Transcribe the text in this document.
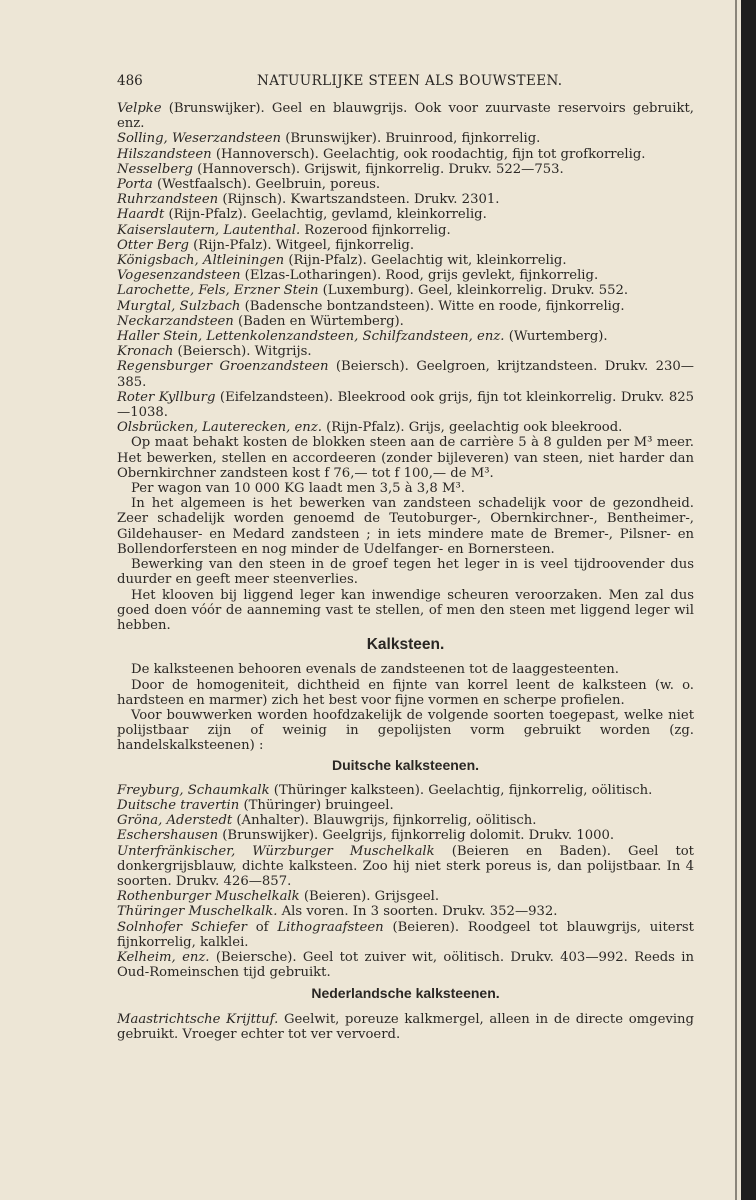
486	NATUURLIJKE STEEN ALS BOUWSTEEN.

Velpke (Brunswijker). Geel en blauwgrijs. Ook voor zuurvaste reservoirs gebruikt, enz.

Solling, Weserzandsteen (Brunswijker). Bruinrood, fijnkorrelig.

Hilszandsteen (Hannoversch). Geelachtig, ook roodachtig, fijn tot grofkorrelig.

Nesselberg (Hannoversch). Grijswit, fijnkorrelig. Drukv. 522—753.

Porta (Westfaalsch). Geelbruin, poreus.

Ruhrzandsteen (Rijnsch). Kwartszandsteen. Drukv. 2301.

Haardt (Rijn-Pfalz). Geelachtig, gevlamd, kleinkorrelig.

Kaiserslautern, Lautenthal. Rozerood fijnkorrelig.

Otter Berg (Rijn-Pfalz). Witgeel, fijnkorrelig.

Königsbach, Altleiningen (Rijn-Pfalz). Geelachtig wit, kleinkorrelig.

Vogesenzandsteen (Elzas-Lotharingen). Rood, grijs gevlekt, fijnkorrelig.

Larochette, Fels, Erzner Stein (Luxemburg). Geel, kleinkorrelig. Drukv. 552.

Murgtal, Sulzbach (Badensche bontzandsteen). Witte en roode, fijnkorrelig.

Neckarzandsteen (Baden en Würtemberg).

Haller Stein, Lettenkolenzandsteen, Schilfzandsteen, enz. (Wurtemberg).

Kronach (Beiersch). Witgrijs.

Regensburger Groenzandsteen (Beiersch). Geelgroen, krijtzandsteen. Drukv. 230—385.

Roter Kyllburg (Eifelzandsteen). Bleekrood ook grijs, fijn tot kleinkorrelig. Drukv. 825—1038.

Olsbrücken, Lauterecken, enz. (Rijn-Pfalz). Grijs, geelachtig ook bleekrood.

Op maat behakt kosten de blokken steen aan de carrière 5 à 8 gulden per M³ meer. Het bewerken, stellen en accordeeren (zonder bijleveren) van steen, niet harder dan Obernkirchner zandsteen kost f 76,— tot f 100,— de M³.

Per wagon van 10 000 KG laadt men 3,5 à 3,8 M³.

In het algemeen is het bewerken van zandsteen schadelijk voor de gezondheid. Zeer schadelijk worden genoemd de Teutoburger-, Obernkirchner-, Bentheimer-, Gildehauser- en Medard zandsteen ; in iets mindere mate de Bremer-, Pilsner- en Bollendorfersteen en nog minder de Udelfanger- en Bornersteen.

Bewerking van den steen in de groef tegen het leger in is veel tijdroovender dus duurder en geeft meer steenverlies.

Het klooven bij liggend leger kan inwendige scheuren veroorzaken. Men zal dus goed doen vóór de aanneming vast te stellen, of men den steen met liggend leger wil hebben.

Kalksteen.

De kalksteenen behooren evenals de zandsteenen tot de laaggesteenten.

Door de homogeniteit, dichtheid en fijnte van korrel leent de kalksteen (w. o. hardsteen en marmer) zich het best voor fijne vormen en scherpe profielen.

Voor bouwwerken worden hoofdzakelijk de volgende soorten toegepast, welke niet polijstbaar zijn of weinig in gepolijsten vorm gebruikt worden (zg. handelskalksteenen) :

Duitsche kalksteenen.

Freyburg, Schaumkalk (Thüringer kalksteen). Geelachtig, fijnkorrelig, oölitisch.

Duitsche travertin (Thüringer) bruingeel.

Gröna, Aderstedt (Anhalter). Blauwgrijs, fijnkorrelig, oölitisch.

Eschershausen (Brunswijker). Geelgrijs, fijnkorrelig dolomit. Drukv. 1000.

Unterfränkischer, Würzburger Muschelkalk (Beieren en Baden). Geel tot donkergrijsblauw, dichte kalksteen. Zoo hij niet sterk poreus is, dan polijstbaar. In 4 soorten. Drukv. 426—857.

Rothenburger Muschelkalk (Beieren). Grijsgeel.

Thüringer Muschelkalk. Als voren. In 3 soorten. Drukv. 352—932.

Solnhofer Schiefer of Lithograafsteen (Beieren). Roodgeel tot blauwgrijs, uiterst fijnkorrelig, kalklei.

Kelheim, enz. (Beiersche). Geel tot zuiver wit, oölitisch. Drukv. 403—992. Reeds in Oud-Romeinschen tijd gebruikt.

Nederlandsche kalksteenen.

Maastrichtsche Krijttuf. Geelwit, poreuze kalkmergel, alleen in de directe omgeving gebruikt. Vroeger echter tot ver vervoerd.
